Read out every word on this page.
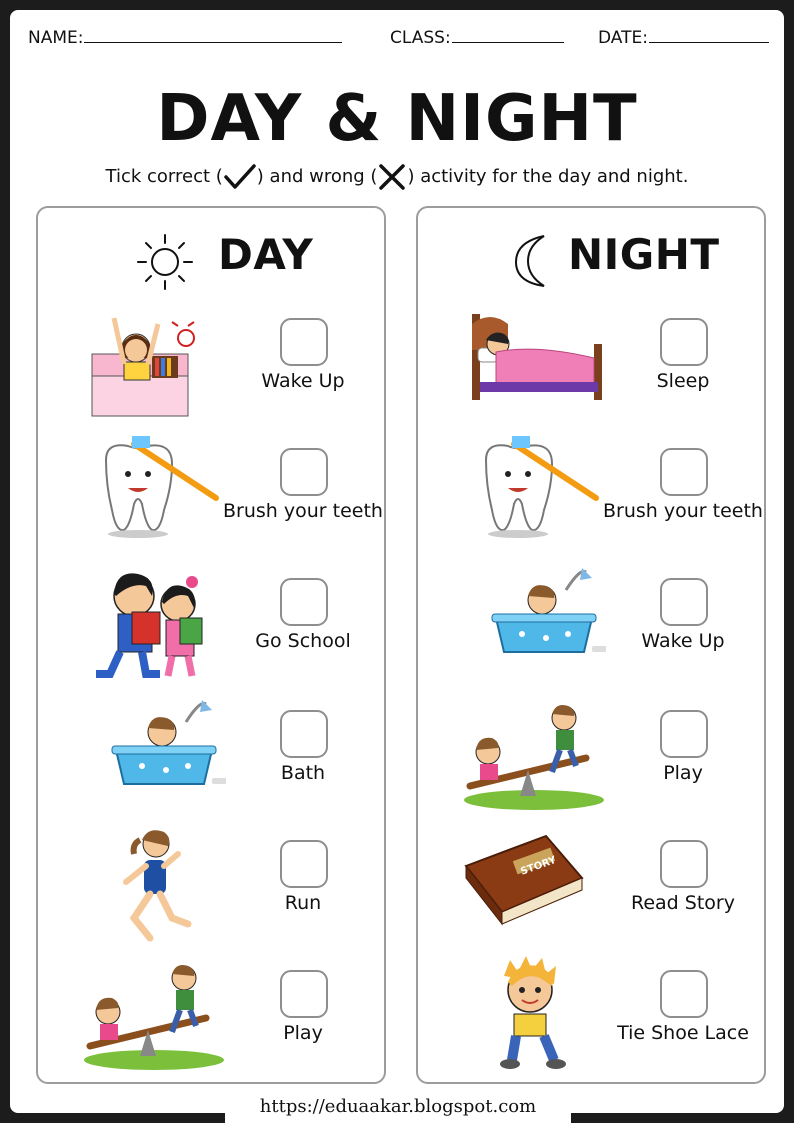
NAME:	CLASS:	DATE:
DAY & NIGHT
Tick correct ( ) and wrong ( ) activity for the day and night.
DAY
Wake Up
Brush your teeth
Go School
Bath
Run
Play
NIGHT
Sleep
Brush your teeth
Wake Up
Play
STORY
Read Story
Tie Shoe Lace
https://eduaakar.blogspot.com
